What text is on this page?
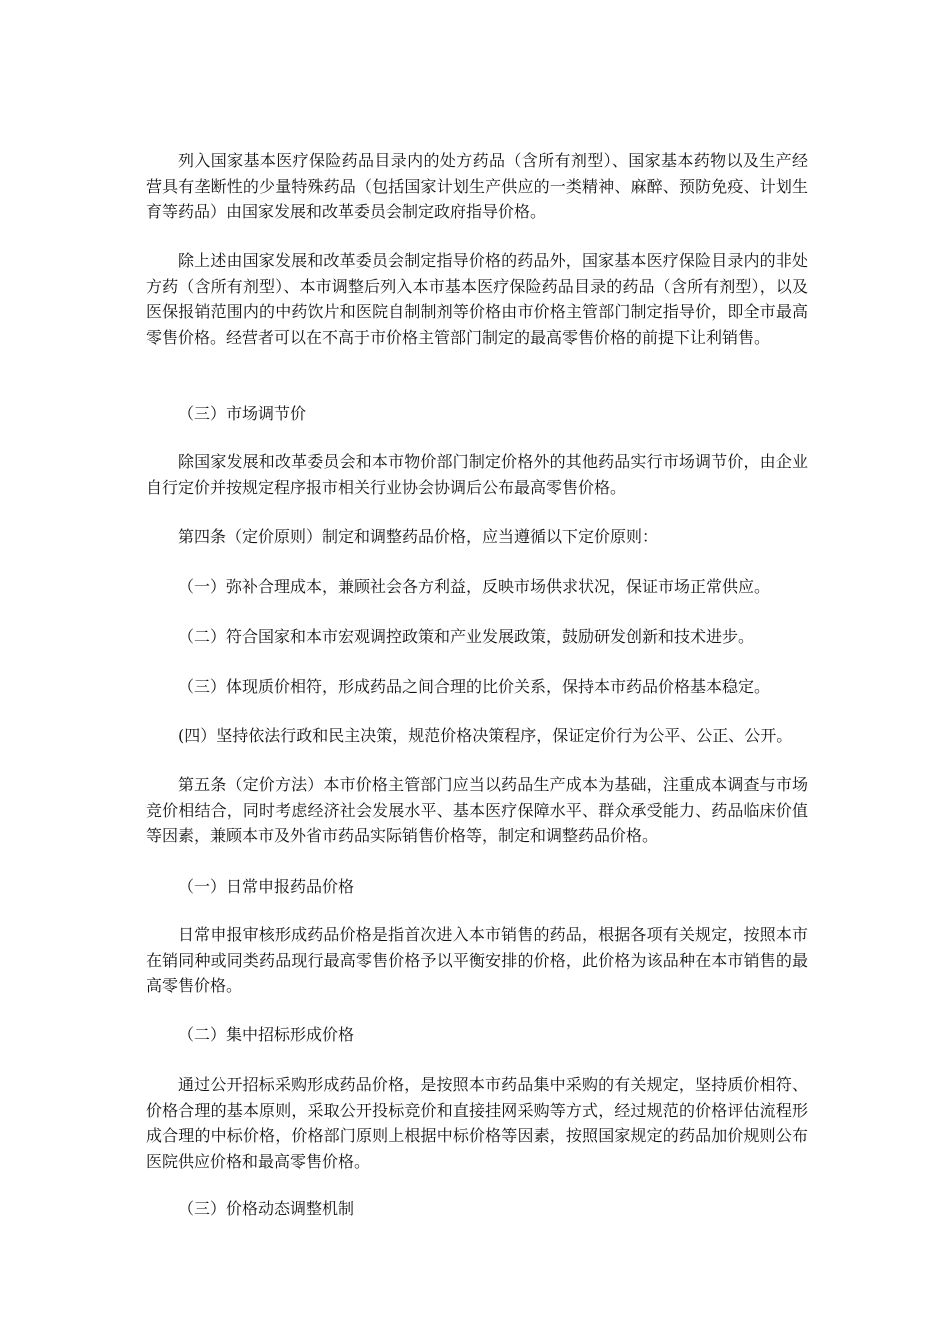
列入国家基本医疗保险药品目录内的处方药品（含所有剂型）、国家基本药物以及生产经营具有垄断性的少量特殊药品（包括国家计划生产供应的一类精神、麻醉、预防免疫、计划生育等药品）由国家发展和改革委员会制定政府指导价格。

除上述由国家发展和改革委员会制定指导价格的药品外，国家基本医疗保险目录内的非处方药（含所有剂型）、本市调整后列入本市基本医疗保险药品目录的药品（含所有剂型），以及医保报销范围内的中药饮片和医院自制制剂等价格由市价格主管部门制定指导价，即全市最高零售价格。经营者可以在不高于市价格主管部门制定的最高零售价格的前提下让利销售。

（三）市场调节价

除国家发展和改革委员会和本市物价部门制定价格外的其他药品实行市场调节价，由企业自行定价并按规定程序报市相关行业协会协调后公布最高零售价格。

第四条（定价原则）制定和调整药品价格，应当遵循以下定价原则：

（一）弥补合理成本，兼顾社会各方利益，反映市场供求状况，保证市场正常供应。

（二）符合国家和本市宏观调控政策和产业发展政策，鼓励研发创新和技术进步。

（三）体现质价相符，形成药品之间合理的比价关系，保持本市药品价格基本稳定。

(四）坚持依法行政和民主决策，规范价格决策程序，保证定价行为公平、公正、公开。

第五条（定价方法）本市价格主管部门应当以药品生产成本为基础，注重成本调查与市场竞价相结合，同时考虑经济社会发展水平、基本医疗保障水平、群众承受能力、药品临床价值等因素，兼顾本市及外省市药品实际销售价格等，制定和调整药品价格。

（一）日常申报药品价格

日常申报审核形成药品价格是指首次进入本市销售的药品，根据各项有关规定，按照本市在销同种或同类药品现行最高零售价格予以平衡安排的价格，此价格为该品种在本市销售的最高零售价格。

（二）集中招标形成价格

通过公开招标采购形成药品价格，是按照本市药品集中采购的有关规定，坚持质价相符、价格合理的基本原则，采取公开投标竞价和直接挂网采购等方式，经过规范的价格评估流程形成合理的中标价格，价格部门原则上根据中标价格等因素，按照国家规定的药品加价规则公布医院供应价格和最高零售价格。

（三）价格动态调整机制
